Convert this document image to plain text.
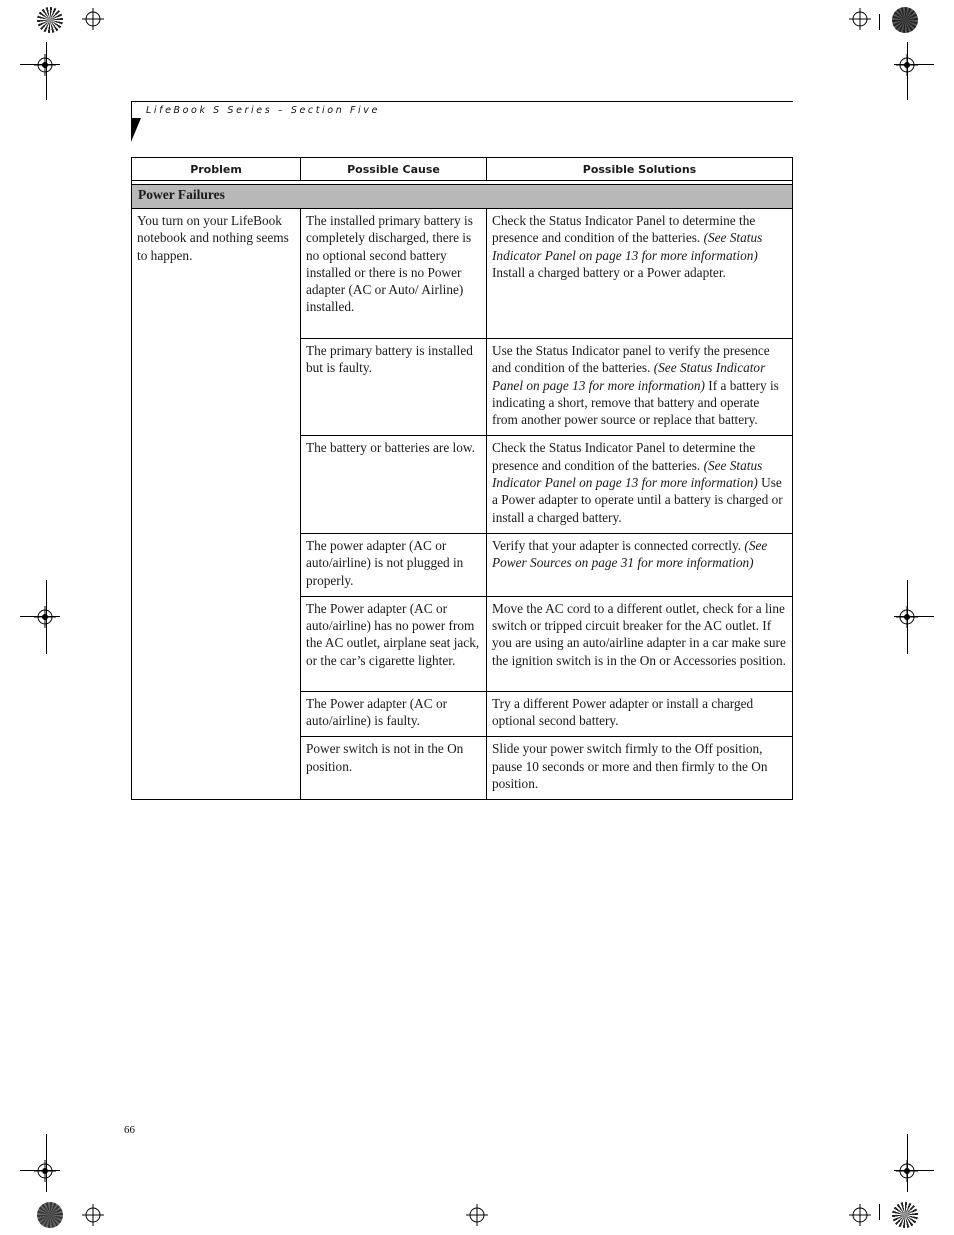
LifeBook S Series – Section Five
Problem	Possible Cause	Possible Solutions

Power Failures		
You turn on your LifeBook notebook and nothing seems to happen.	The installed primary battery is completely discharged, there is no optional second battery installed or there is no Power adapter (AC or Auto/ Airline) installed.	Check the Status Indicator Panel to determine the presence and condition of the batteries. (See Status Indicator Panel on page 13 for more information) Install a charged battery or a Power adapter.
	The primary battery is installed but is faulty.	Use the Status Indicator panel to verify the presence and condition of the batteries. (See Status Indicator Panel on page 13 for more information) If a battery is indicating a short, remove that battery and operate from another power source or replace that battery.
	The battery or batteries are low.	Check the Status Indicator Panel to determine the presence and condition of the batteries. (See Status Indicator Panel on page 13 for more information) Use a Power adapter to operate until a battery is charged or install a charged battery.
	The power adapter (AC or auto/airline) is not plugged in properly.	Verify that your adapter is connected correctly. (See Power Sources on page 31 for more information)
	The Power adapter (AC or auto/airline) has no power from the AC outlet, airplane seat jack, or the car’s cigarette lighter.	Move the AC cord to a different outlet, check for a line switch or tripped circuit breaker for the AC outlet. If you are using an auto/airline adapter in a car make sure the ignition switch is in the On or Accessories position.
	The Power adapter (AC or auto/airline) is faulty.	Try a different Power adapter or install a charged optional second battery.
	Power switch is not in the On position.	Slide your power switch firmly to the Off position, pause 10 seconds or more and then firmly to the On position.
66
